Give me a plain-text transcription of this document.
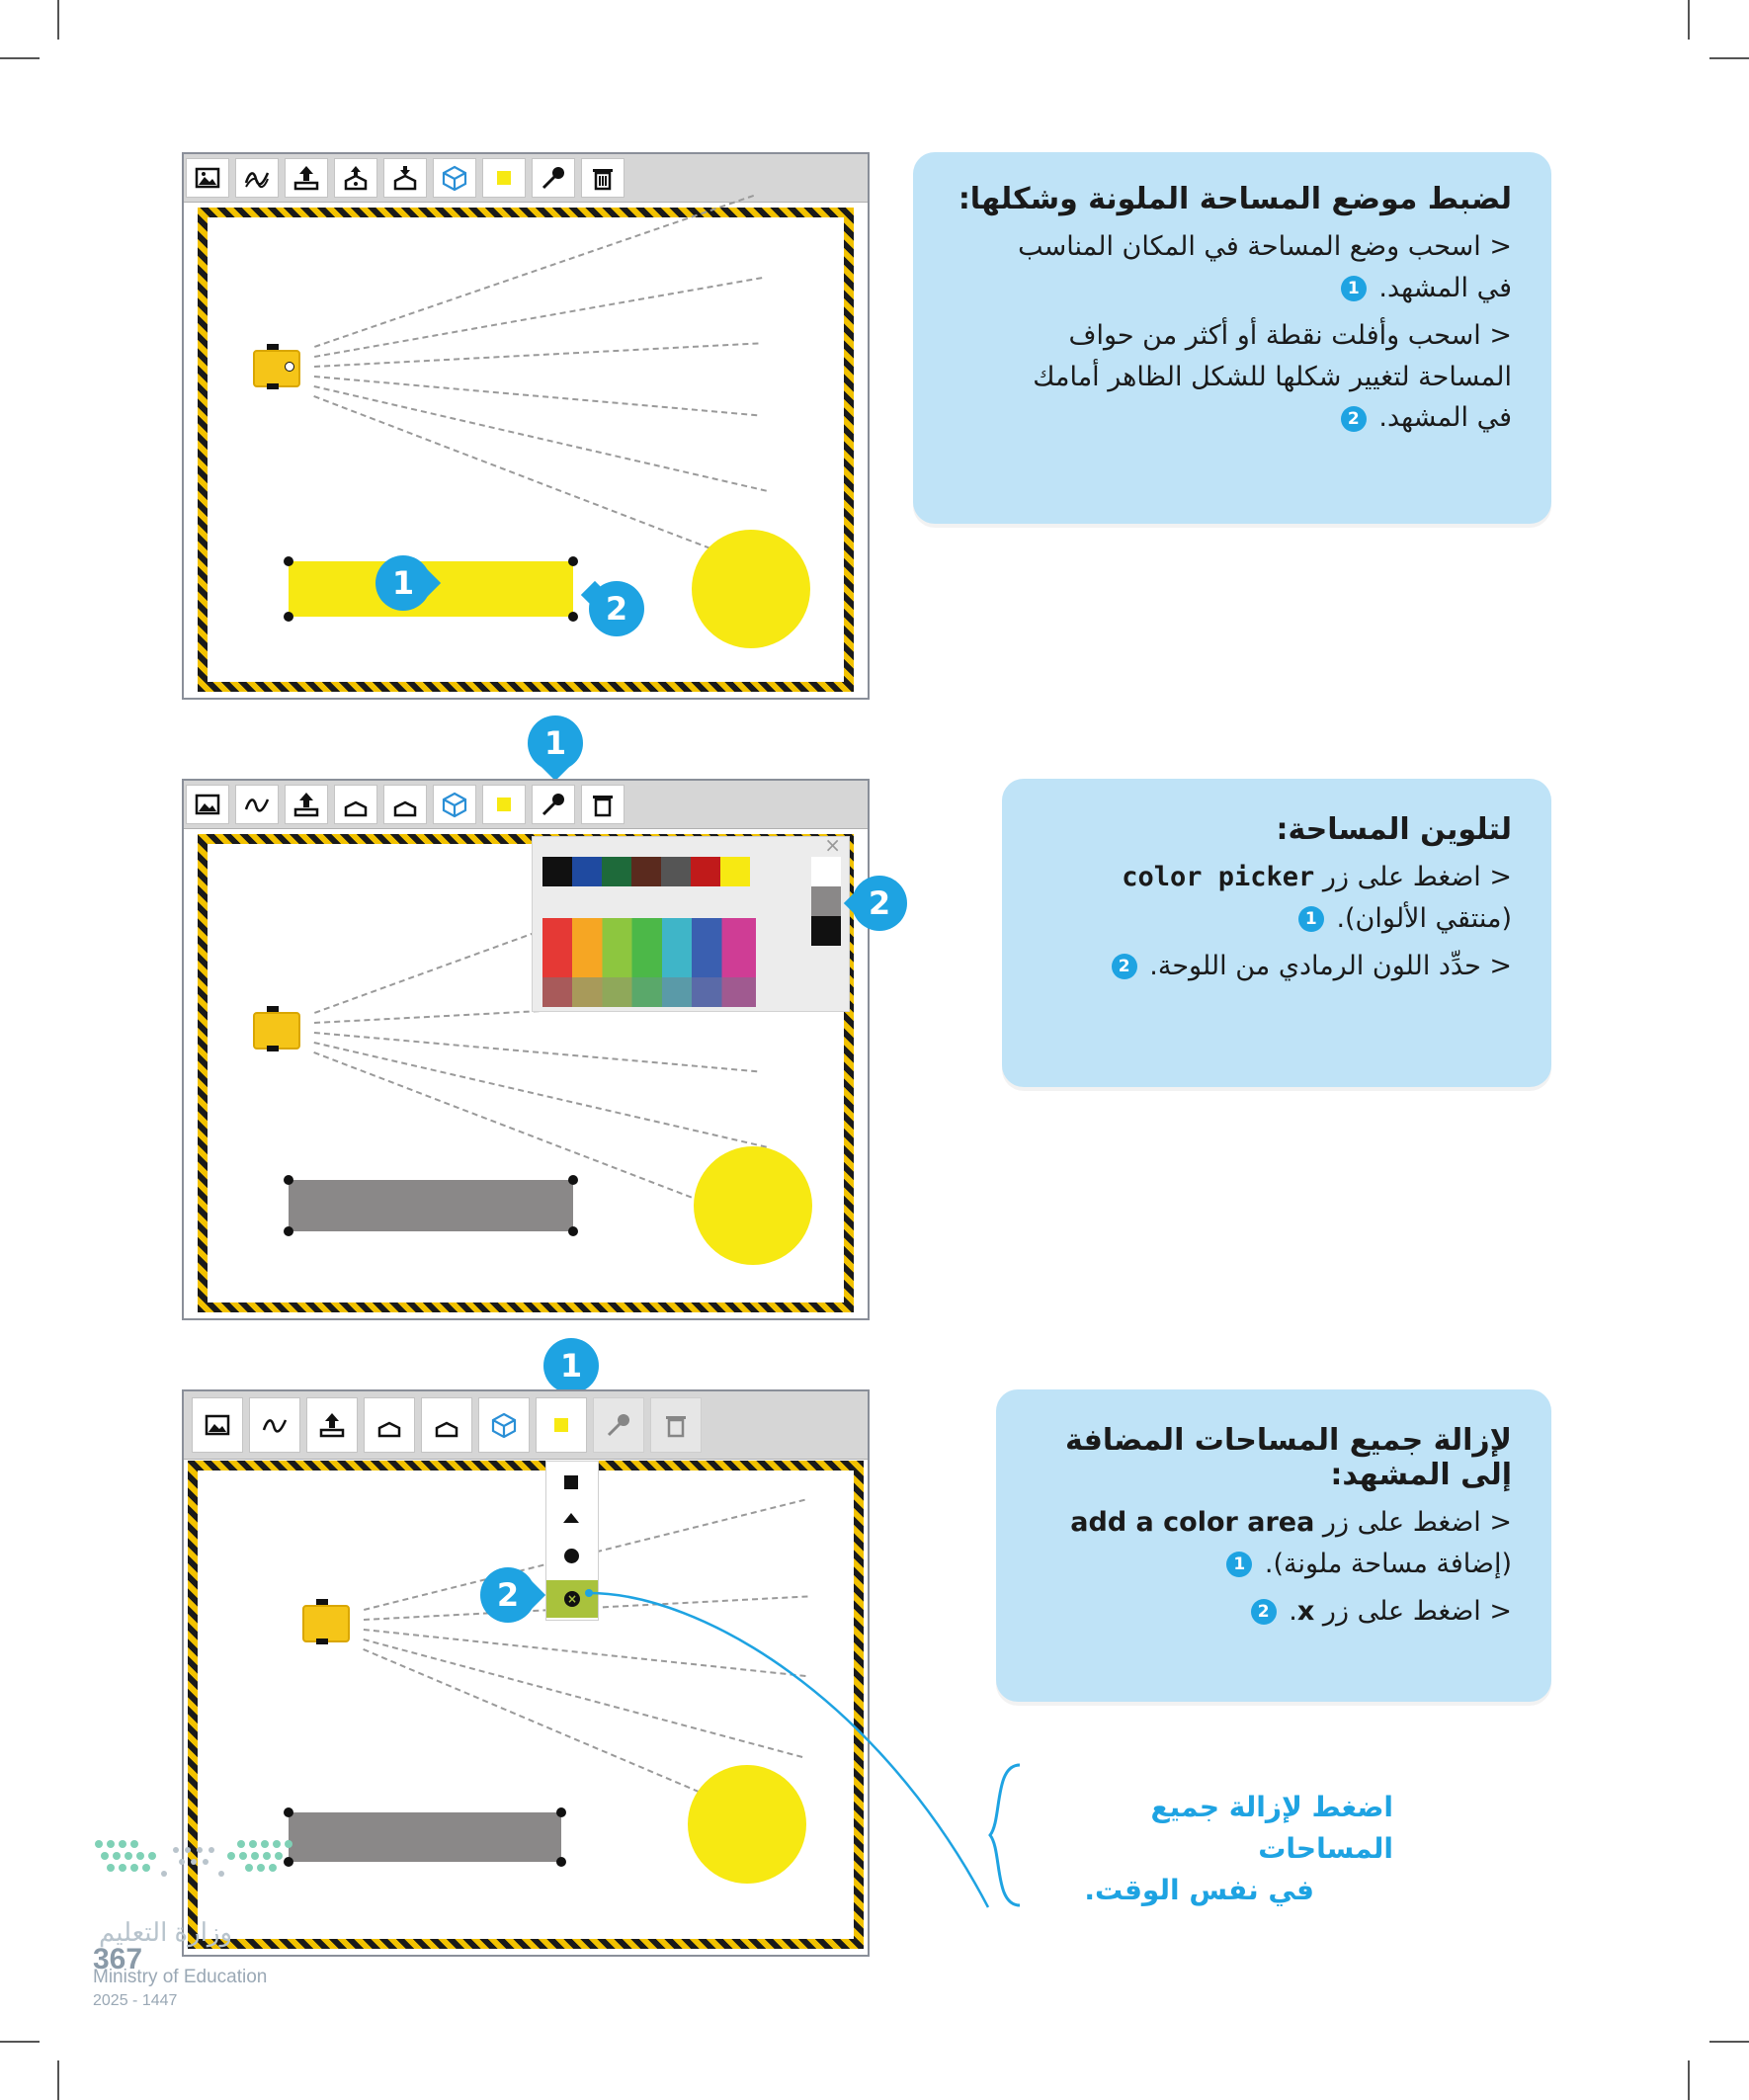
1
2
لضبط موضع المساحة الملونة وشكلها:

< اسحب وضع المساحة في المكان المناسب
في المشهد. 1

< اسحب وأفلت نقطة أو أكثر من حواف
المساحة لتغيير شكلها للشكل الظاهر أمامك
في المشهد. 2

1
×
2
لتلوين المساحة:

< اضغط على زر color picker
(منتقي الألوان). 1

< حدِّد اللون الرمادي من اللوحة. 2

1
×
2
اضغط لإزالة جميع المساحات
في نفس الوقت.
لإزالة جميع المساحات المضافة
إلى المشهد:

< اضغط على زر add a color area
(إضافة مساحة ملونة). 1

< اضغط على زر x. 2

وزارة التعليم
367
Ministry of Education
2025 - 1447
